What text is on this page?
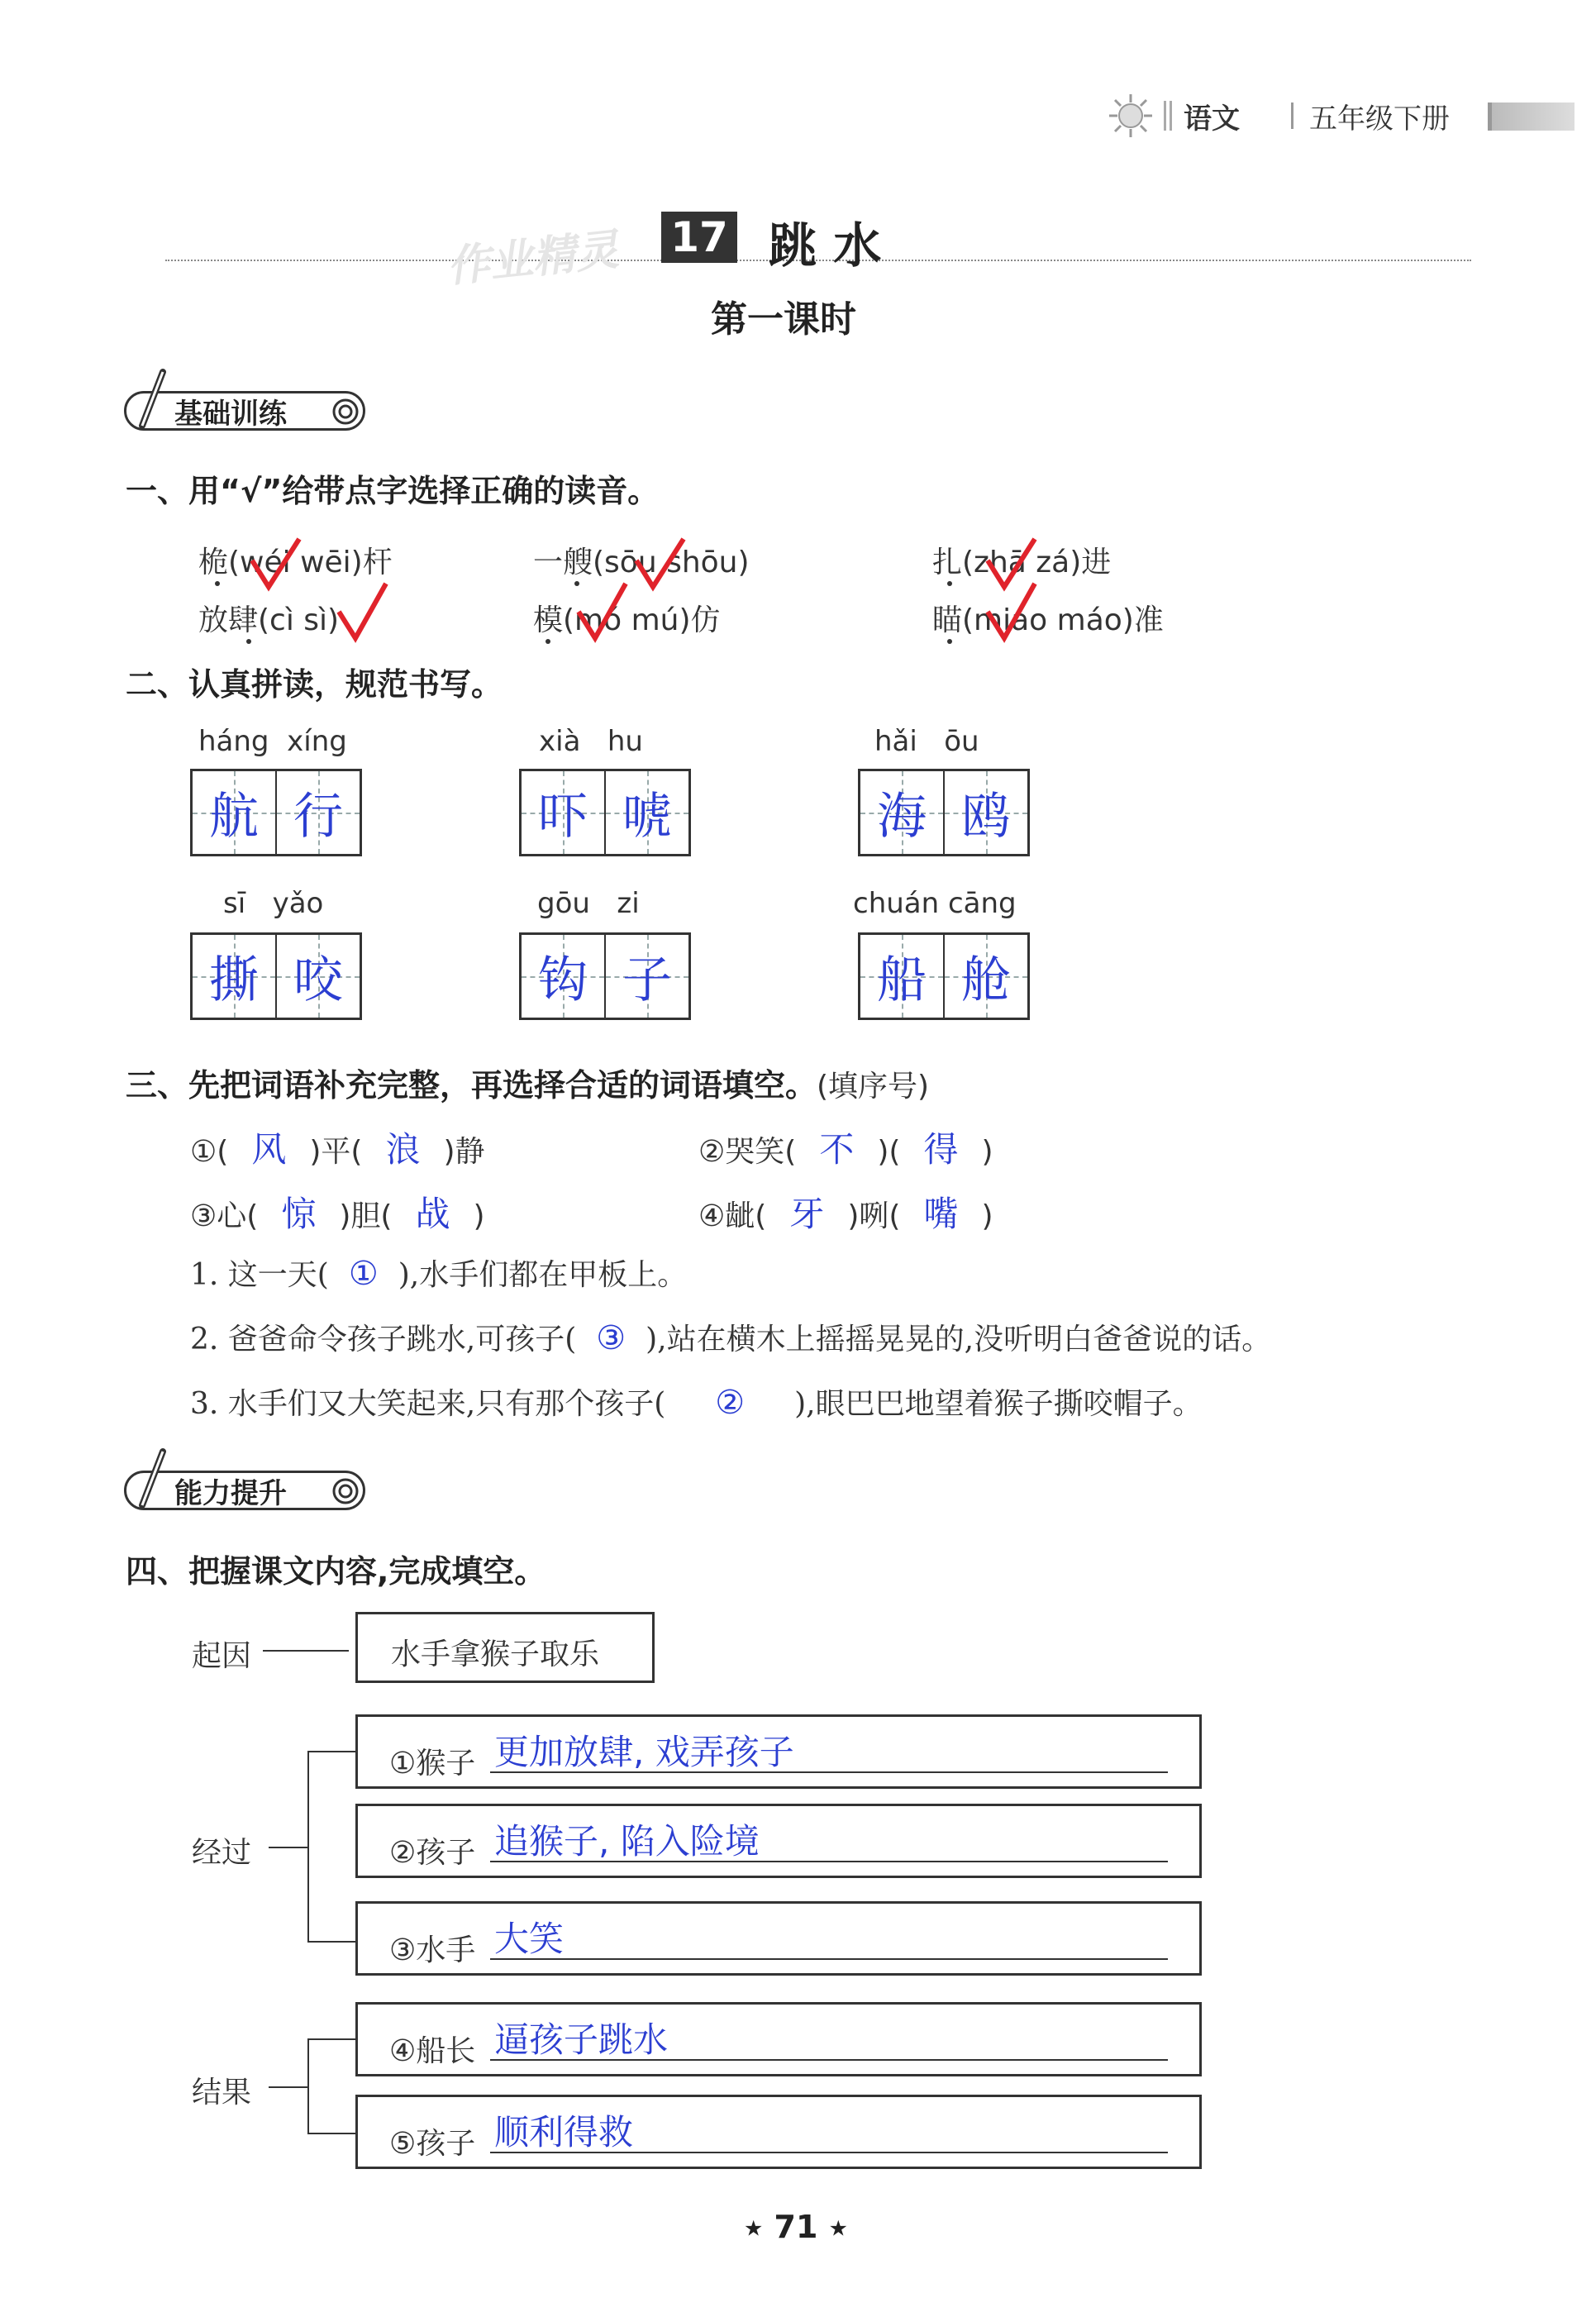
语文 五年级下册
作业精灵 17 跳 水
第一课时
基础训练
一、用“√”给带点字选择正确的读音。
桅(wéi wēi)杆	一艘(sōu shōu)	扎(zhā zá)进
放肆(cì sì)	模(mó mú)仿	瞄(miáo máo)准
二、认真拼读，规范书写。
háng  xíng
航 行
xià   hu
吓 唬
hǎi   ōu
海 鸥
sī   yǎo
撕 咬
gōu   zi
钩 子
chuán cāng
船 舱
三、先把词语补充完整，再选择合适的词语填空。(填序号)
①( 风 )平( 浪 )静	②哭笑( 不 )( 得 )
③心( 惊 )胆( 战 )	④龇( 牙 )咧( 嘴 )
1. 这一天( ① ),水手们都在甲板上。
2. 爸爸命令孩子跳水,可孩子( ③ ),站在横木上摇摇晃晃的,没听明白爸爸说的话。
3. 水手们又大笑起来,只有那个孩子( ② ),眼巴巴地望着猴子撕咬帽子。
能力提升
四、把握课文内容,完成填空。
起因	水手拿猴子取乐
经过
①猴子 更加放肆, 戏弄孩子
②孩子 追猴子, 陷入险境
③水手 大笑
结果
④船长 逼孩子跳水
⑤孩子 顺利得救
★ 71 ★
